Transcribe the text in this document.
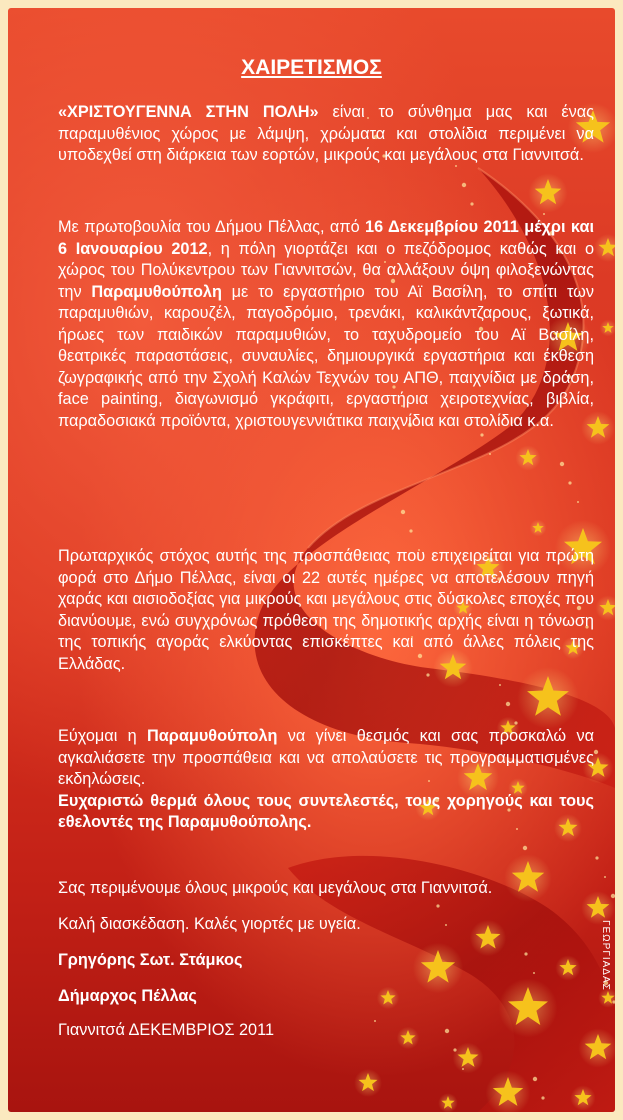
ΧΑΙΡΕΤΙΣΜΟΣ

«ΧΡΙΣΤΟΥΓΕΝΝΑ ΣΤΗΝ ΠΟΛΗ» είναι το σύνθημα μας και ένας παραμυθένιος χώρος με λάμψη, χρώματα και στολίδια περιμένει να υποδεχθεί στη διάρκεια των εορτών, μικρούς και μεγάλους στα Γιαννιτσά.

Με πρωτοβουλία του Δήμου Πέλλας, από 16 Δεκεμβρίου 2011 μέχρι και 6 Ιανουαρίου 2012, η πόλη γιορτάζει και ο πεζόδρομος καθώς και ο χώρος του Πολύκεντρου των Γιαννιτσών, θα αλλάξουν όψη φιλοξενώντας την Παραμυθούπολη με το εργαστήριο του Αϊ Βασίλη, το σπίτι των παραμυθιών, καρουζέλ, παγοδρόμιο, τρενάκι, καλικάντζαρους, ξωτικά, ήρωες των παιδικών παραμυθιών, το ταχυδρομείο του Αϊ Βασίλη, θεατρικές παραστάσεις, συναυλίες, δημιουργικά εργαστήρια και έκθεση ζωγραφικής από την Σχολή Καλών Τεχνών του ΑΠΘ, παιχνίδια με δράση, face painting, διαγωνισμό γκράφιτι, εργαστήρια χειροτεχνίας, βιβλία, παραδοσιακά προϊόντα, χριστουγεννιάτικα παιχνίδια και στολίδια κ.α.

Πρωταρχικός στόχος αυτής της προσπάθειας που επιχειρείται για πρώτη φορά στο Δήμο Πέλλας, είναι οι 22 αυτές ημέρες να αποτελέσουν πηγή χαράς και αισιοδοξίας για μικρούς και μεγάλους στις δύσκολες εποχές που διανύουμε, ενώ συγχρόνως πρόθεση της δημοτικής αρχής είναι η τόνωση της τοπικής αγοράς ελκύοντας επισκέπτες και από άλλες πόλεις της Ελλάδας.

Εύχομαι η Παραμυθούπολη να γίνει θεσμός και σας προσκαλώ να αγκαλιάσετε την προσπάθεια και να απολαύσετε τις προγραμματισμένες εκδηλώσεις.
Ευχαριστώ θερμά όλους τους συντελεστές, τους χορηγούς και τους εθελοντές της Παραμυθούπολης.

Σας περιμένουμε όλους μικρούς και μεγάλους στα Γιαννιτσά.

Καλή διασκέδαση. Καλές γιορτές με υγεία.

Γρηγόρης Σωτ. Στάμκος

Δήμαρχος Πέλλας

Γιαννιτσά ΔΕΚΕΜΒΡΙΟΣ 2011

ΓΕΩΡΓΙΑΔΑΣ
